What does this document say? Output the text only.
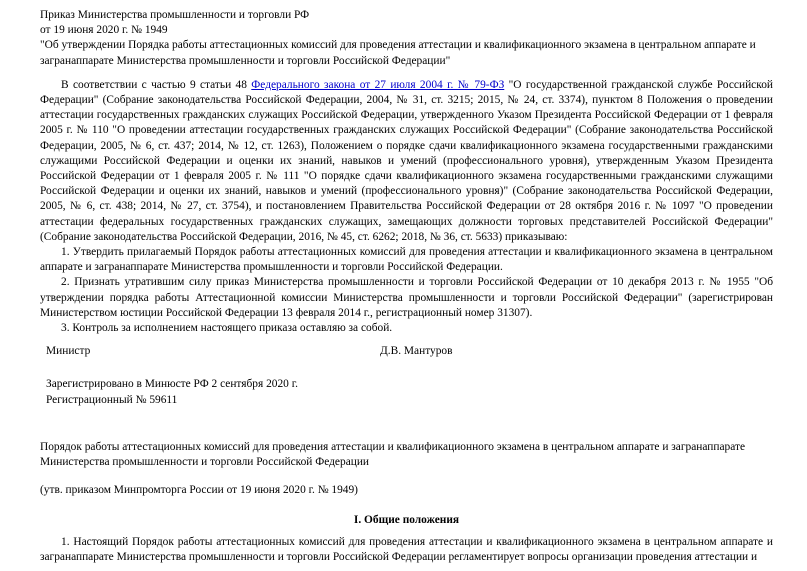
Приказ Министерства промышленности и торговли РФ

от 19 июня 2020 г. № 1949

"Об утверждении Порядка работы аттестационных комиссий для проведения аттестации и квалификационного экзамена в центральном аппарате и

загранаппарате Министерства промышленности и торговли Российской Федерации"

В соответствии с частью 9 статьи 48 Федерального закона от 27 июля 2004 г. № 79-ФЗ "О государственной гражданской службе Российской Федерации" (Собрание законодательства Российской Федерации, 2004, № 31, ст. 3215; 2015, № 24, ст. 3374), пунктом 8 Положения о проведении аттестации государственных гражданских служащих Российской Федерации, утвержденного Указом Президента Российской Федерации от 1 февраля 2005 г. № 110 "О проведении аттестации государственных гражданских служащих Российской Федерации" (Собрание законодательства Российской Федерации, 2005, № 6, ст. 437; 2014, № 12, ст. 1263), Положением о порядке сдачи квалификационного экзамена государственными гражданскими служащими Российской Федерации и оценки их знаний, навыков и умений (профессионального уровня), утвержденным Указом Президента Российской Федерации от 1 февраля 2005 г. № 111 "О порядке сдачи квалификационного экзамена государственными гражданскими служащими Российской Федерации и оценки их знаний, навыков и умений (профессионального уровня)" (Собрание законодательства Российской Федерации, 2005, № 6, ст. 438; 2014, № 27, ст. 3754), и постановлением Правительства Российской Федерации от 28 октября 2016 г. № 1097 "О проведении аттестации федеральных государственных гражданских служащих, замещающих должности торговых представителей Российской Федерации" (Собрание законодательства Российской Федерации, 2016, № 45, ст. 6262; 2018, № 36, ст. 5633) приказываю:

1. Утвердить прилагаемый Порядок работы аттестационных комиссий для проведения аттестации и квалификационного экзамена в центральном аппарате и загранаппарате Министерства промышленности и торговли Российской Федерации.

2. Признать утратившим силу приказ Министерства промышленности и торговли Российской Федерации от 10 декабря 2013 г. № 1955 "Об утверждении порядка работы Аттестационной комиссии Министерства промышленности и торговли Российской Федерации" (зарегистрирован Министерством юстиции Российской Федерации 13 февраля 2014 г., регистрационный номер 31307).

3. Контроль за исполнением настоящего приказа оставляю за собой.

Министр	Д.В. Мантуров

Зарегистрировано в Минюсте РФ 2 сентября 2020 г.

Регистрационный № 59611

Порядок работы аттестационных комиссий для проведения аттестации и квалификационного экзамена в центральном аппарате и загранаппарате

Министерства промышленности и торговли Российской Федерации

(утв. приказом Минпромторга России от 19 июня 2020 г. № 1949)

I. Общие положения

1. Настоящий Порядок работы аттестационных комиссий для проведения аттестации и квалификационного экзамена в центральном аппарате и загранаппарате Министерства промышленности и торговли Российской Федерации регламентирует вопросы организации проведения аттестации и
